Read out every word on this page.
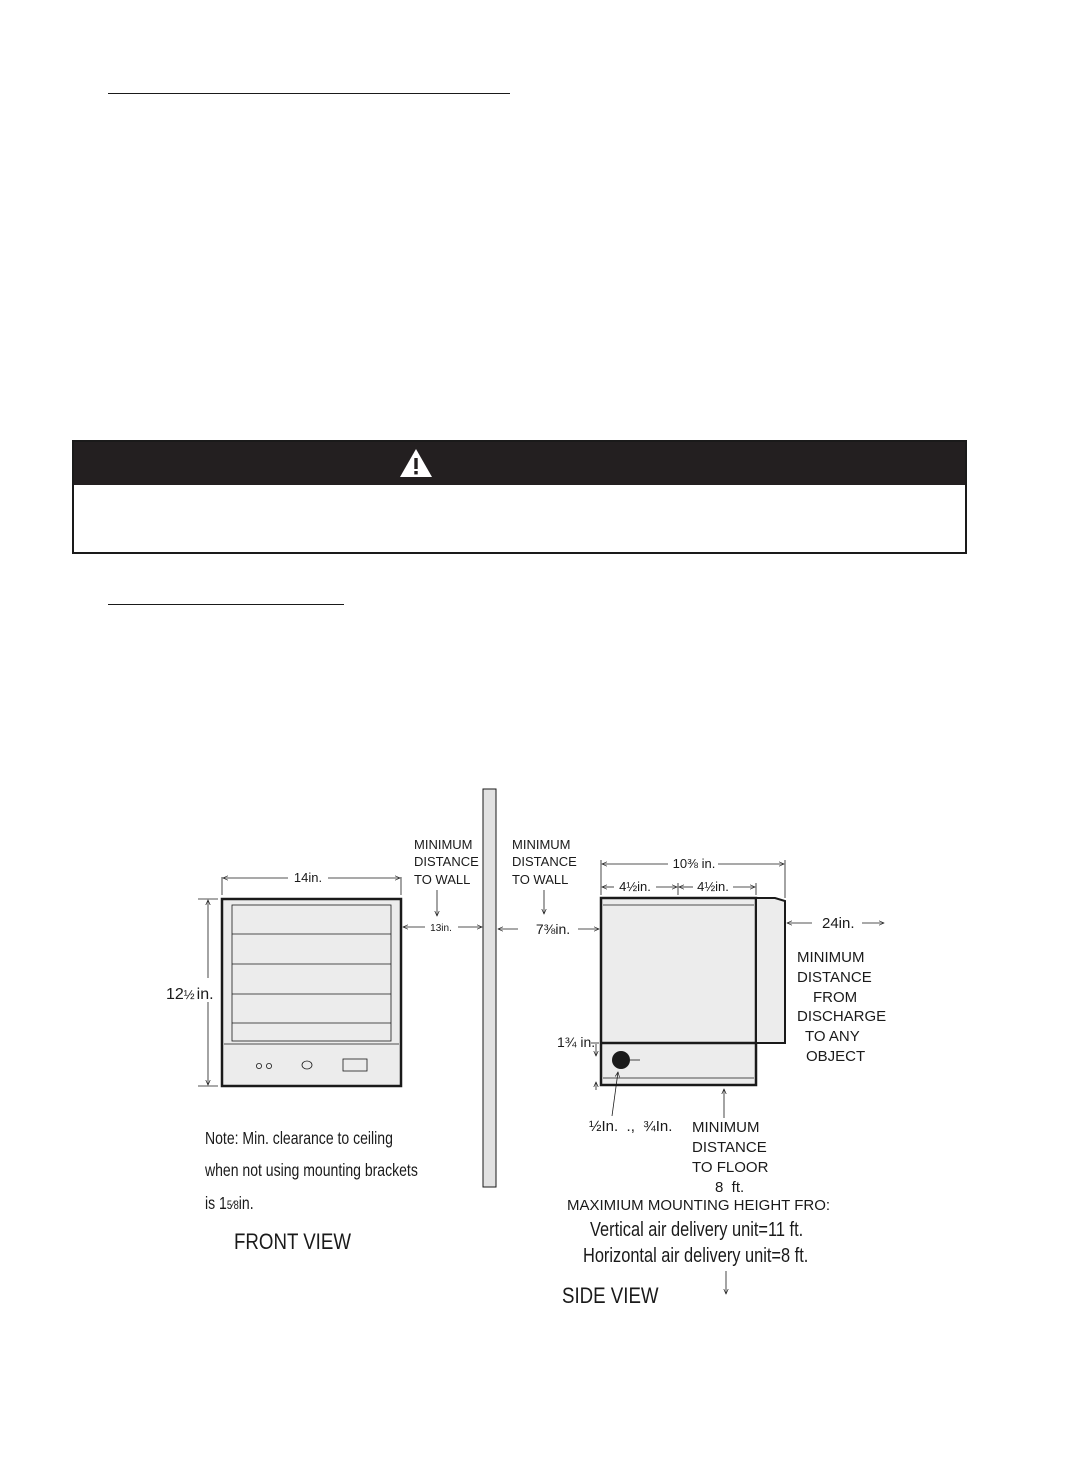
14in.
12½ in.
13in.
Note: Min. clearance to ceiling
when not using mounting brackets
is 15⁄8in.
FRONT VIEW
MINIMUM
DISTANCE
TO WALL
MINIMUM
DISTANCE
TO WALL
10⅜ in.
4½in.	4½in.
7⅜in.	24in.
MINIMUM DISTANCE FROM DISCHARGE TO ANY OBJECT
1¾ in.
½In.  .,  ¾In. MINIMUM DISTANCE TO FLOOR 8  ft.
MAXIMIUM MOUNTING HEIGHT FRO:
Vertical air delivery unit=11 ft.
Horizontal air delivery unit=8 ft.
SIDE VIEW
